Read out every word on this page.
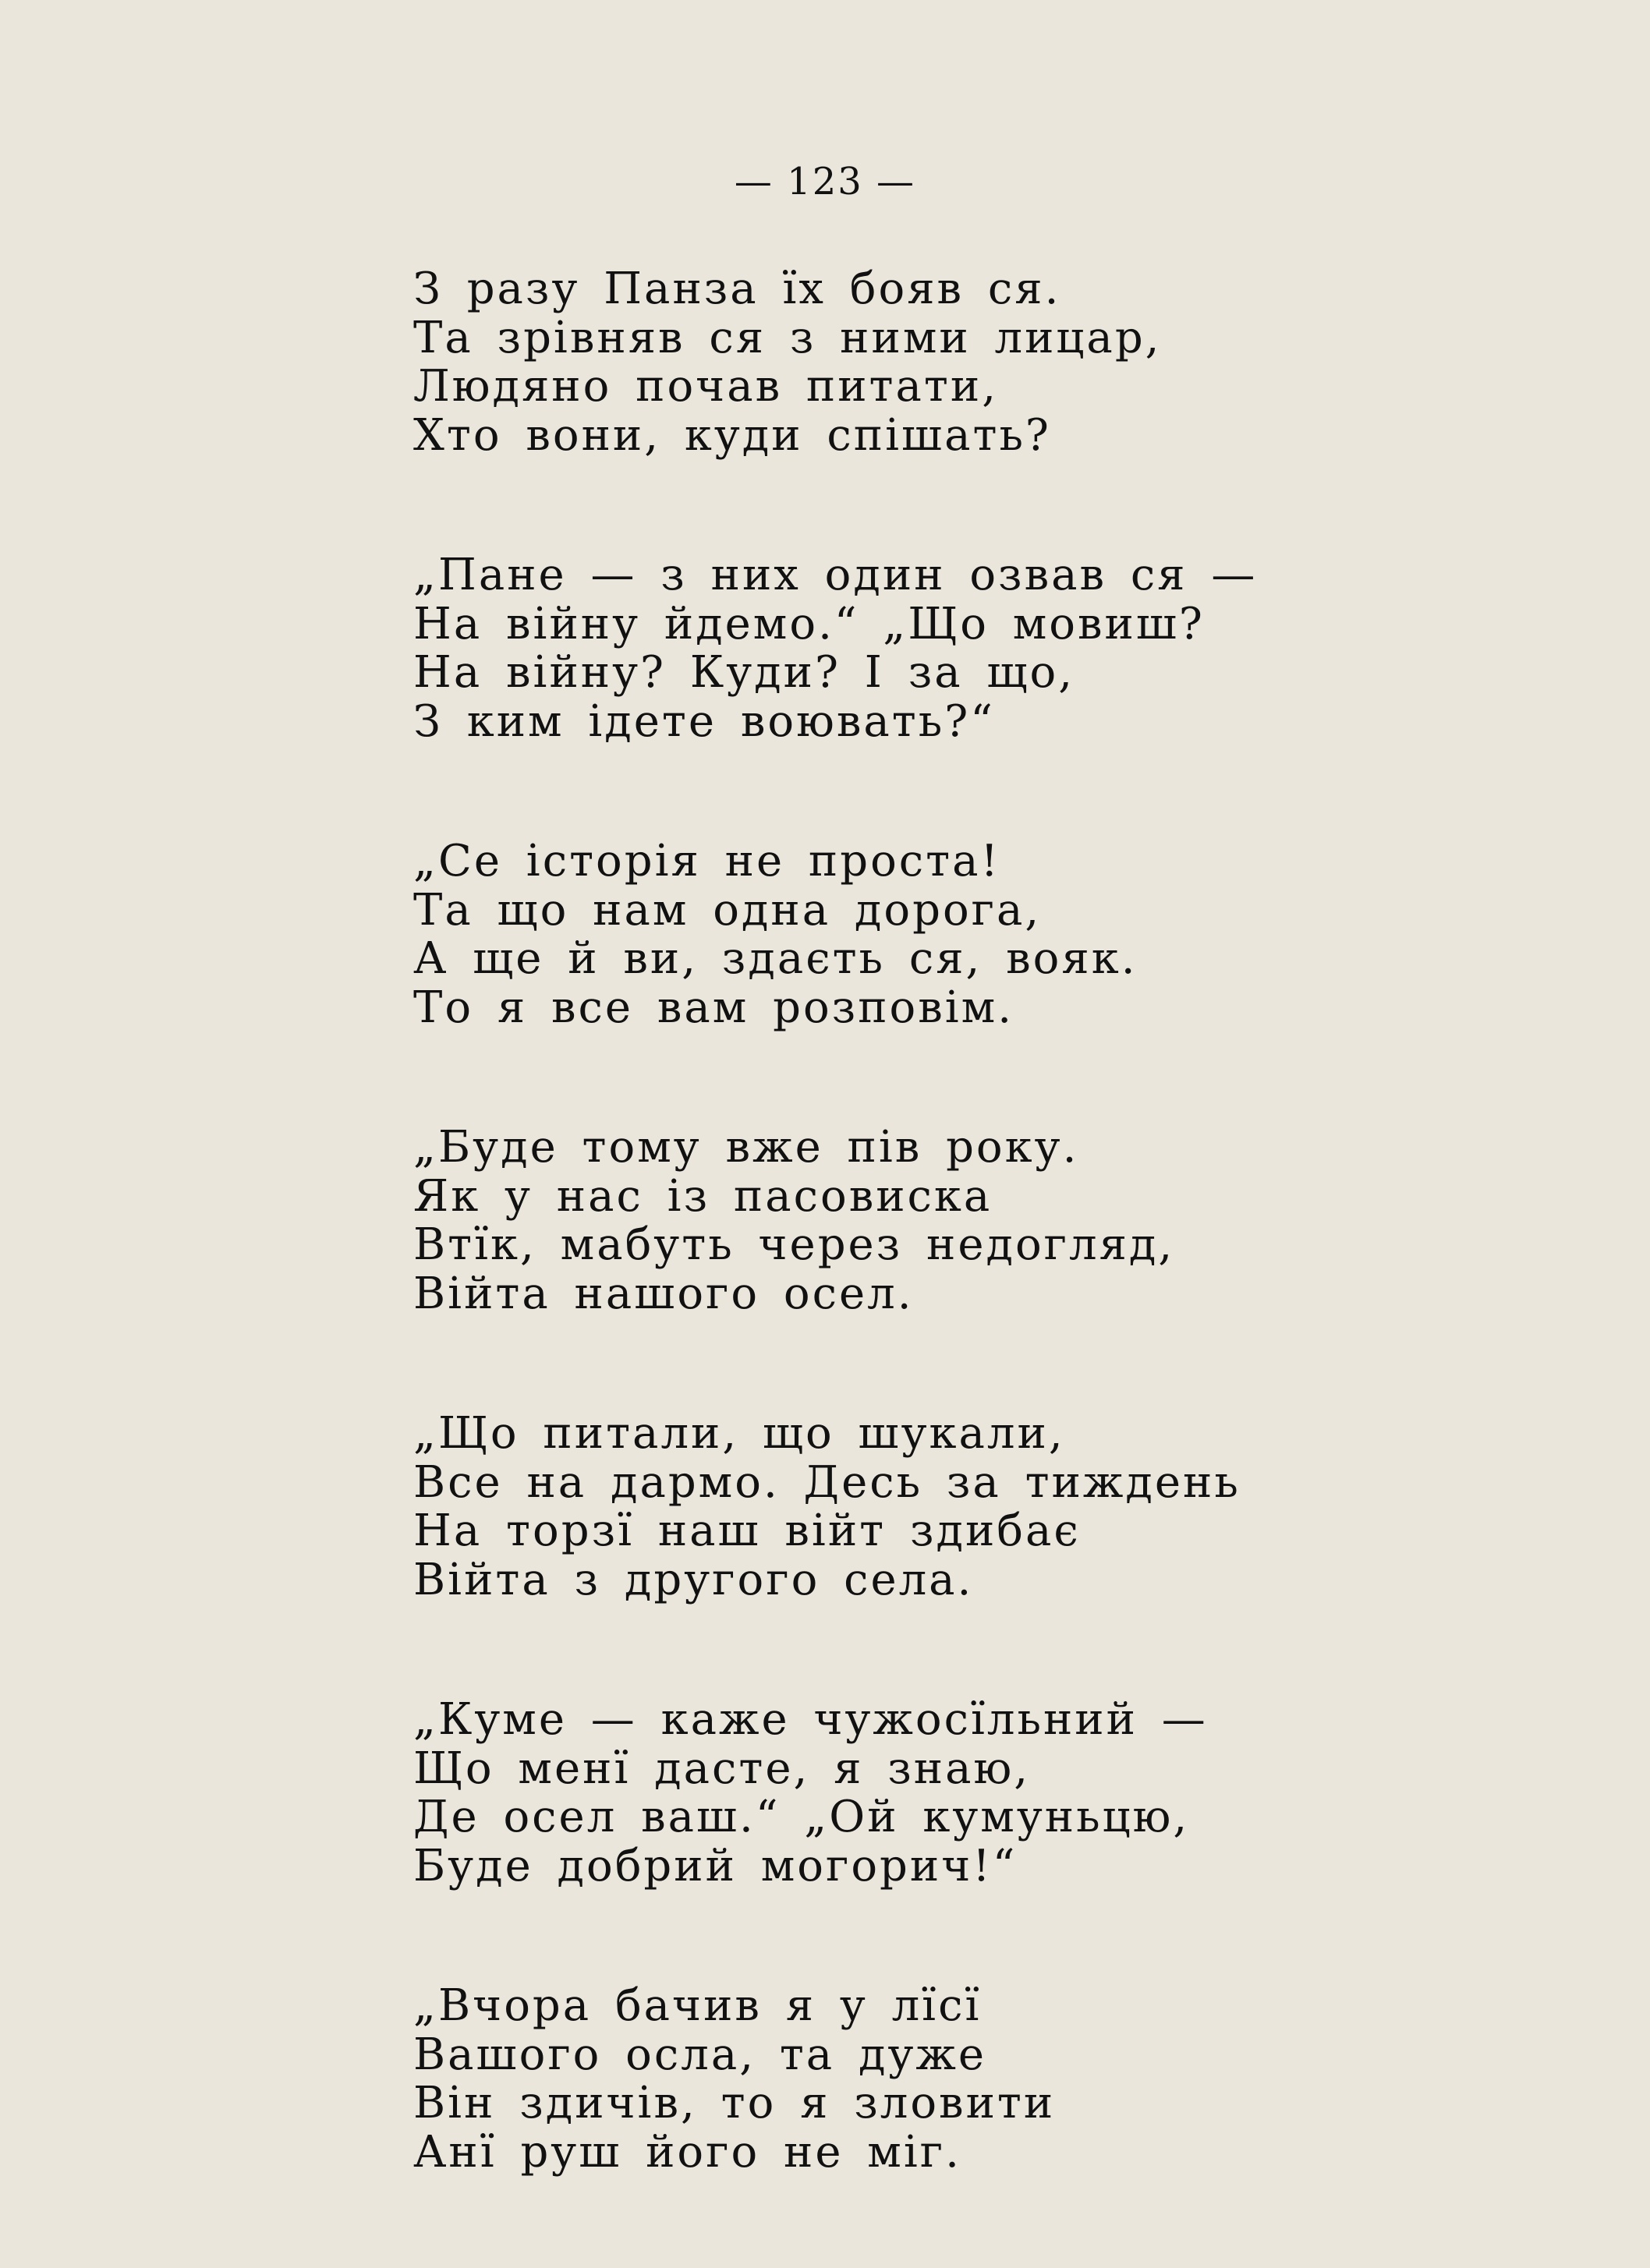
— 123 —
З разу Панза їх бояв ся.
Та зрівняв ся з ними лицар,
Людяно почав питати,
Хто вони, куди спішать?
„Пане — з них один озвав ся —
На війну йдемо.“ „Що мовиш?
На війну? Куди? І за що,
З ким ідете воювать?“
„Се історія не проста!
Та що нам одна дорога,
А ще й ви, здаєть ся, вояк.
То я все вам розповім.
„Буде тому вже пів року.
Як у нас із пасовиска
Втїк, мабуть через недогляд,
Війта нашого осел.
„Що питали, що шукали,
Все на дармо. Десь за тиждень
На торзї наш війт здибає
Війта з другого села.
„Куме — каже чужосїльний —
Що менї дасте, я знаю,
Де осел ваш.“ „Ой кумуньцю,
Буде добрий могорич!“
„Вчора бачив я у лїсї
Вашого осла, та дуже
Він здичів, то я зловити
Анї руш його не міг.
